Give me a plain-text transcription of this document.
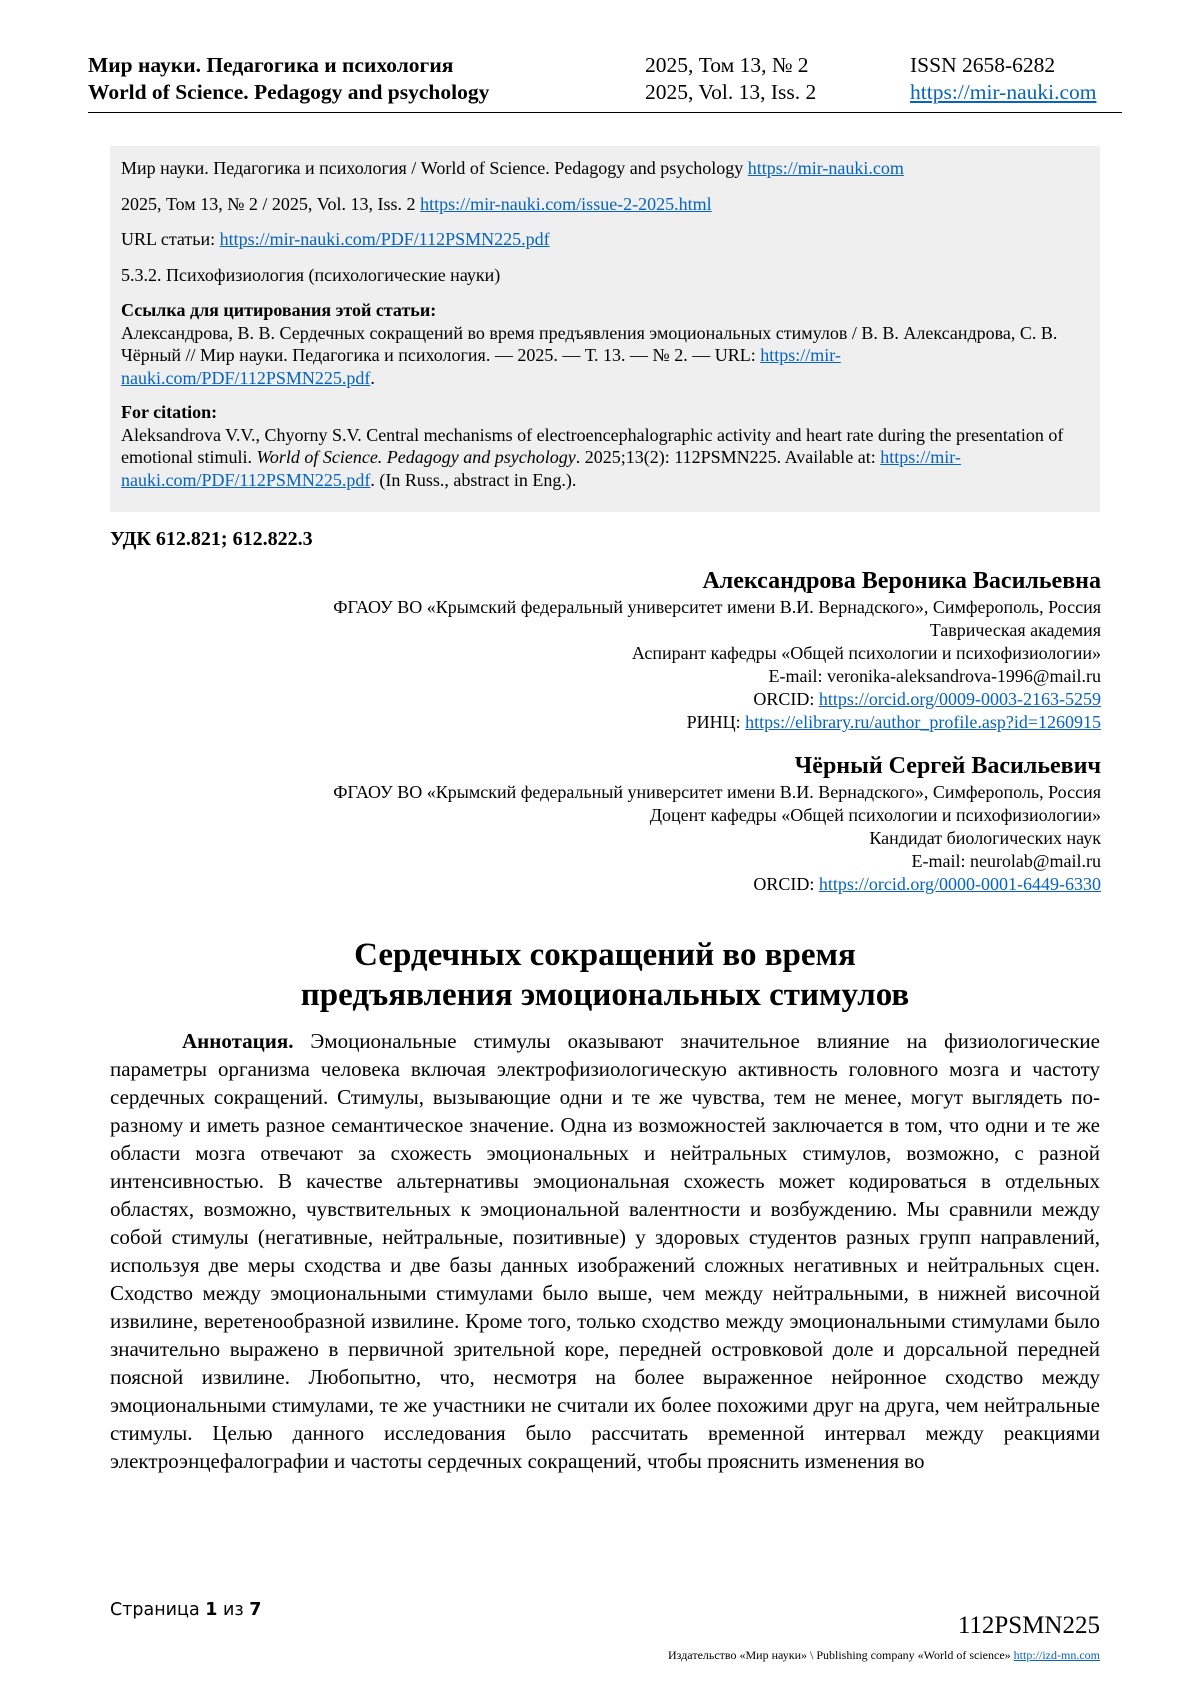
Мир науки. Педагогика и психология
World of Science. Pedagogy and psychology
2025, Том 13, № 2
2025, Vol. 13, Iss. 2
ISSN 2658-6282
https://mir-nauki.com

Мир науки. Педагогика и психология / World of Science. Pedagogy and psychology https://mir-nauki.com

2025, Том 13, № 2 / 2025, Vol. 13, Iss. 2 https://mir-nauki.com/issue-2-2025.html

URL статьи: https://mir-nauki.com/PDF/112PSMN225.pdf

5.3.2. Психофизиология (психологические науки)

Ссылка для цитирования этой статьи:
Александрова, В. В. Сердечных сокращений во время предъявления эмоциональных стимулов / В. В. Александрова, С. В. Чёрный // Мир науки. Педагогика и психология. — 2025. — Т. 13. — № 2. — URL: https://mir-nauki.com/PDF/112PSMN225.pdf.
For citation:
Aleksandrova V.V., Chyorny S.V. Central mechanisms of electroencephalographic activity and heart rate during the presentation of emotional stimuli. World of Science. Pedagogy and psychology. 2025;13(2): 112PSMN225. Available at: https://mir-nauki.com/PDF/112PSMN225.pdf. (In Russ., abstract in Eng.).
УДК 612.821; 612.822.3
Александрова Вероника Васильевна
ФГАОУ ВО «Крымский федеральный университет имени В.И. Вернадского», Симферополь, Россия
Таврическая академия
Аспирант кафедры «Общей психологии и психофизиологии»
E-mail: veronika-aleksandrova-1996@mail.ru
ORCID: https://orcid.org/0009-0003-2163-5259
РИНЦ: https://elibrary.ru/author_profile.asp?id=1260915
Чёрный Сергей Васильевич
ФГАОУ ВО «Крымский федеральный университет имени В.И. Вернадского», Симферополь, Россия
Доцент кафедры «Общей психологии и психофизиологии»
Кандидат биологических наук
E-mail: neurolab@mail.ru
ORCID: https://orcid.org/0000-0001-6449-6330
Сердечных сокращений во время
предъявления эмоциональных стимулов
Аннотация. Эмоциональные стимулы оказывают значительное влияние на физиологические параметры организма человека включая электрофизиологическую активность головного мозга и частоту сердечных сокращений. Стимулы, вызывающие одни и те же чувства, тем не менее, могут выглядеть по-разному и иметь разное семантическое значение. Одна из возможностей заключается в том, что одни и те же области мозга отвечают за схожесть эмоциональных и нейтральных стимулов, возможно, с разной интенсивностью. В качестве альтернативы эмоциональная схожесть может кодироваться в отдельных областях, возможно, чувствительных к эмоциональной валентности и возбуждению. Мы сравнили между собой стимулы (негативные, нейтральные, позитивные) у здоровых студентов разных групп направлений, используя две меры сходства и две базы данных изображений сложных негативных и нейтральных сцен. Сходство между эмоциональными стимулами было выше, чем между нейтральными, в нижней височной извилине, веретенообразной извилине. Кроме того, только сходство между эмоциональными стимулами было значительно выражено в первичной зрительной коре, передней островковой доле и дорсальной передней поясной извилине. Любопытно, что, несмотря на более выраженное нейронное сходство между эмоциональными стимулами, те же участники не считали их более похожими друг на друга, чем нейтральные стимулы. Целью данного исследования было рассчитать временной интервал между реакциями электроэнцефалографии и частоты сердечных сокращений, чтобы прояснить изменения во
Страница 1 из 7
112PSMN225
Издательство «Мир науки» \ Publishing company «World of science» http://izd-mn.com
